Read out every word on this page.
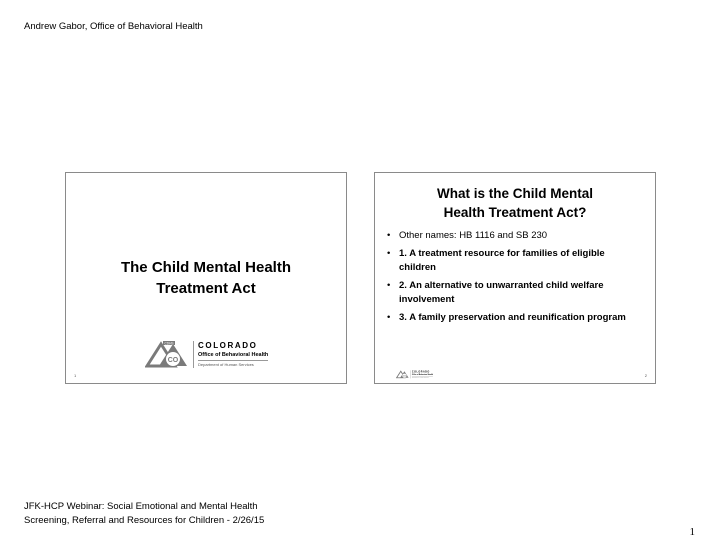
Andrew Gabor, Office of Behavioral Health
The Child Mental Health
Treatment Act
CO
CDHS	COLORADO
Office of Behavioral Health
Department of Human Services
1
What is the Child Mental
Health Treatment Act?
• Other names: HB 1116 and SB 230
• 1. A treatment resource for families of eligible children
• 2. An alternative to unwarranted child welfare involvement
• 3. A family preservation and reunification program
CO
COLORADO
Office of Behavioral Health
Department of Human Services	2
JFK-HCP Webinar: Social Emotional and Mental Health
Screening, Referral and Resources for Children - 2/26/15
1
